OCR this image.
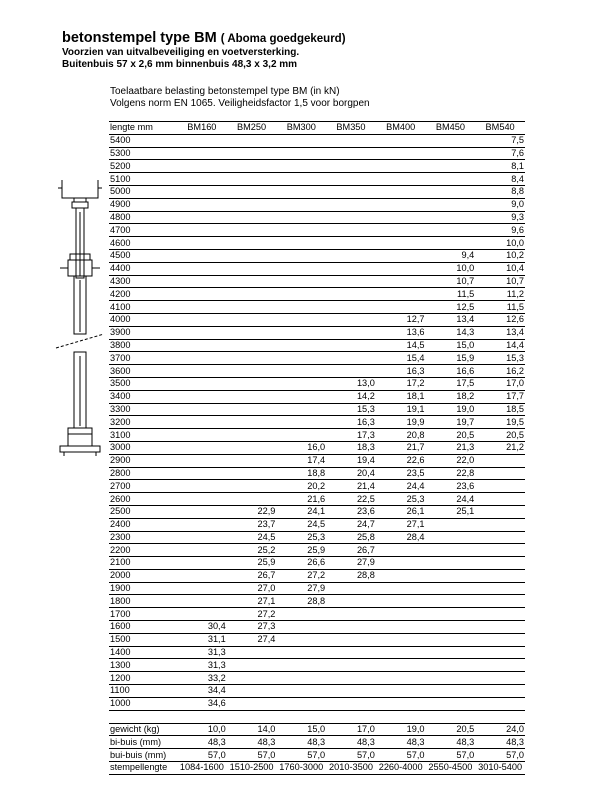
betonstempel type BM ( Aboma goedgekeurd)
Voorzien van uitvalbeveiliging en voetversterking.
Buitenbuis 57 x 2,6 mm binnenbuis 48,3 x 3,2 mm
Toelaatbare belasting betonstempel type BM (in kN)
Volgens norm EN 1065. Veiligheidsfactor 1,5 voor borgpen
lengte mm	BM160	BM250	BM300	BM350	BM400	BM450	BM540
5400							7,5
5300							7,6
5200							8,1
5100							8,4
5000							8,8
4900							9,0
4800							9,3
4700							9,6
4600							10,0
4500						9,4	10,2
4400						10,0	10,4
4300						10,7	10,7
4200						11,5	11,2
4100						12,5	11,5
4000					12,7	13,4	12,6
3900					13,6	14,3	13,4
3800					14,5	15,0	14,4
3700					15,4	15,9	15,3
3600					16,3	16,6	16,2
3500				13,0	17,2	17,5	17,0
3400				14,2	18,1	18,2	17,7
3300				15,3	19,1	19,0	18,5
3200				16,3	19,9	19,7	19,5
3100				17,3	20,8	20,5	20,5
3000			16,0	18,3	21,7	21,3	21,2
2900			17,4	19,4	22,6	22,0	
2800			18,8	20,4	23,5	22,8	
2700			20,2	21,4	24,4	23,6	
2600			21,6	22,5	25,3	24,4	
2500		22,9	24,1	23,6	26,1	25,1	
2400		23,7	24,5	24,7	27,1		
2300		24,5	25,3	25,8	28,4		
2200		25,2	25,9	26,7			
2100		25,9	26,6	27,9			
2000		26,7	27,2	28,8			
1900		27,0	27,9				
1800		27,1	28,8				
1700		27,2					
1600	30,4	27,3					
1500	31,1	27,4					
1400	31,3						
1300	31,3						
1200	33,2						
1100	34,4						
1000	34,6						

gewicht (kg)	10,0	14,0	15,0	17,0	19,0	20,5	24,0
bi-buis (mm)	48,3	48,3	48,3	48,3	48,3	48,3	48,3
bui-buis (mm)	57,0	57,0	57,0	57,0	57,0	57,0	57,0
stempellengte	1084-1600	1510-2500	1760-3000	2010-3500	2260-4000	2550-4500	3010-5400
